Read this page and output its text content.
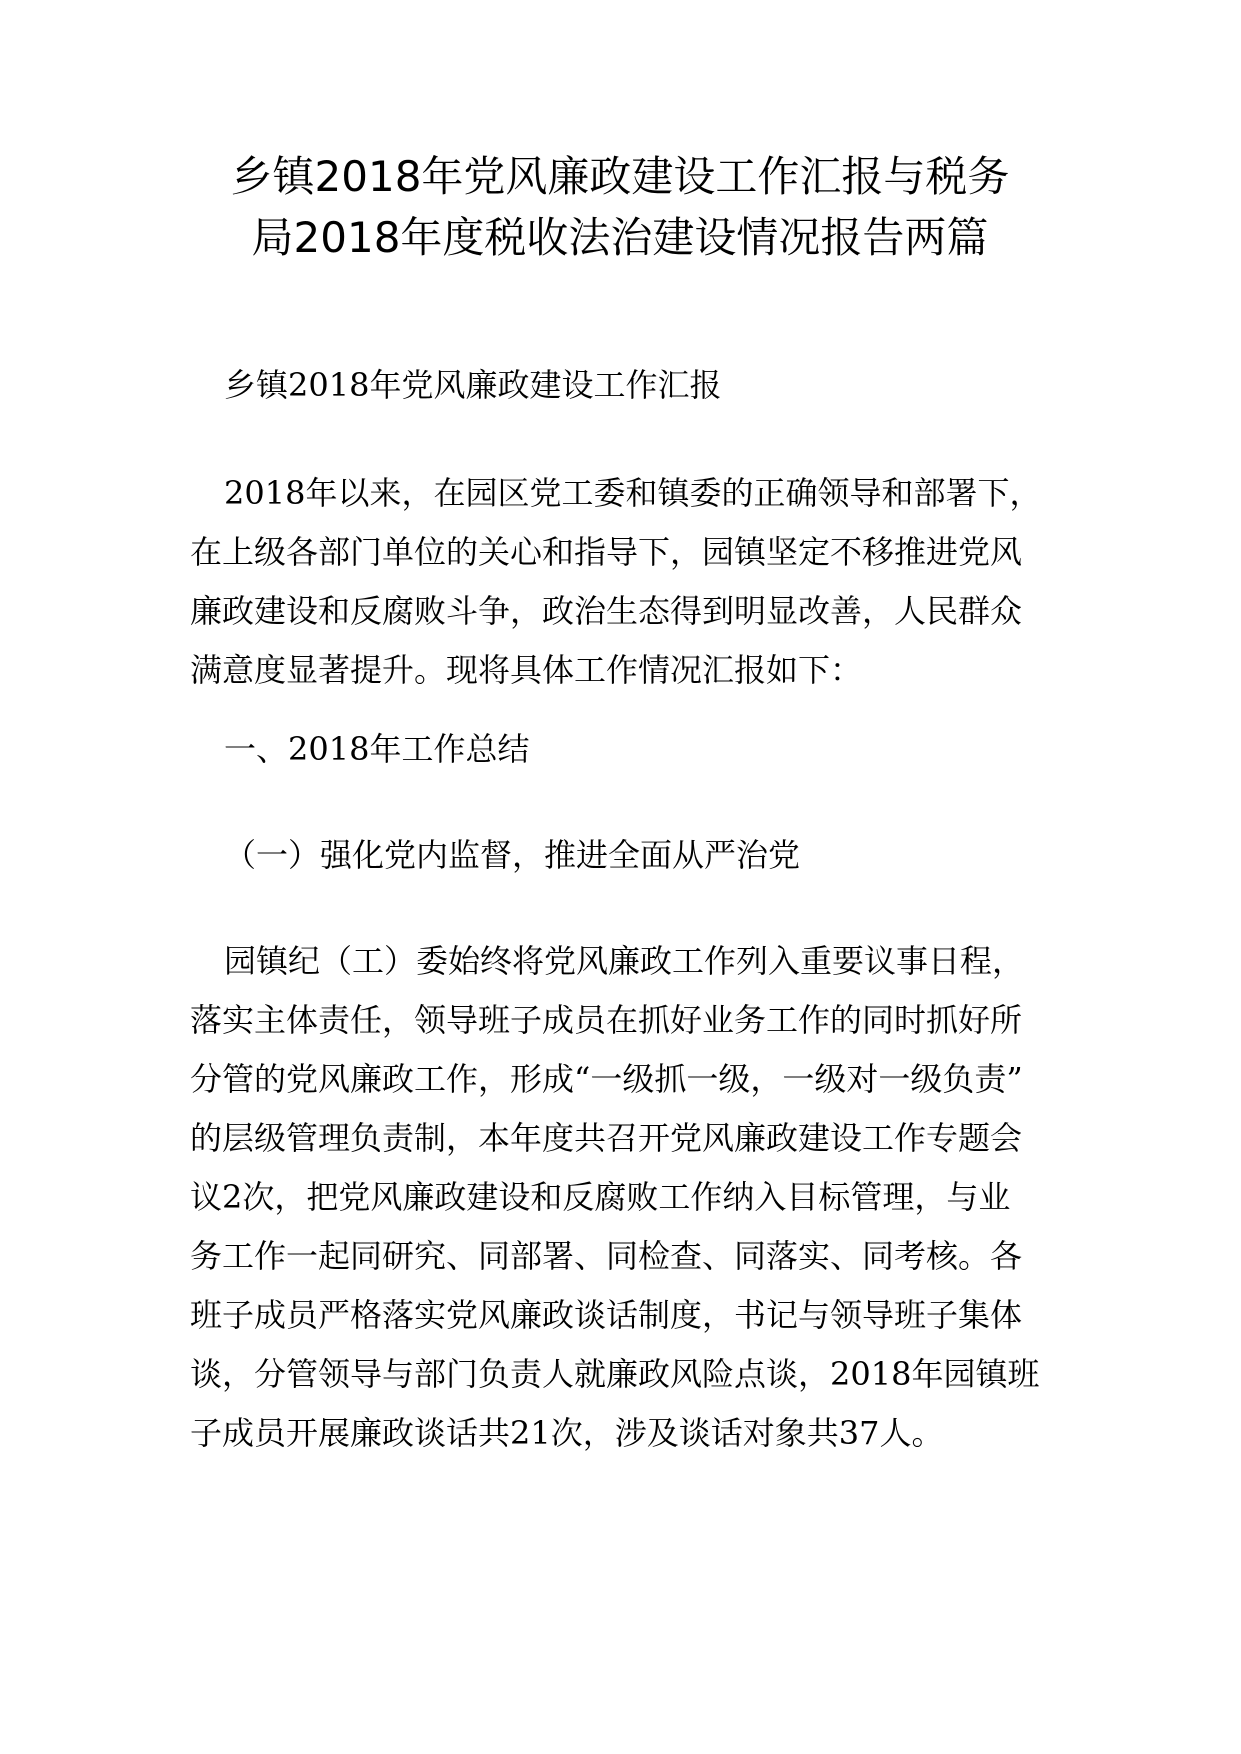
乡镇2018年党风廉政建设工作汇报与税务
局2018年度税收法治建设情况报告两篇

乡镇2018年党风廉政建设工作汇报

2018年以来，在园区党工委和镇委的正确领导和部署下，
在上级各部门单位的关心和指导下，园镇坚定不移推进党风
廉政建设和反腐败斗争，政治生态得到明显改善，人民群众
满意度显著提升。现将具体工作情况汇报如下：

一、2018年工作总结

（一）强化党内监督，推进全面从严治党

园镇纪（工）委始终将党风廉政工作列入重要议事日程，
落实主体责任，领导班子成员在抓好业务工作的同时抓好所
分管的党风廉政工作，形成“一级抓一级，一级对一级负责”
的层级管理负责制，本年度共召开党风廉政建设工作专题会
议2次，把党风廉政建设和反腐败工作纳入目标管理，与业
务工作一起同研究、同部署、同检查、同落实、同考核。各
班子成员严格落实党风廉政谈话制度，书记与领导班子集体
谈，分管领导与部门负责人就廉政风险点谈，2018年园镇班
子成员开展廉政谈话共21次，涉及谈话对象共37人。
